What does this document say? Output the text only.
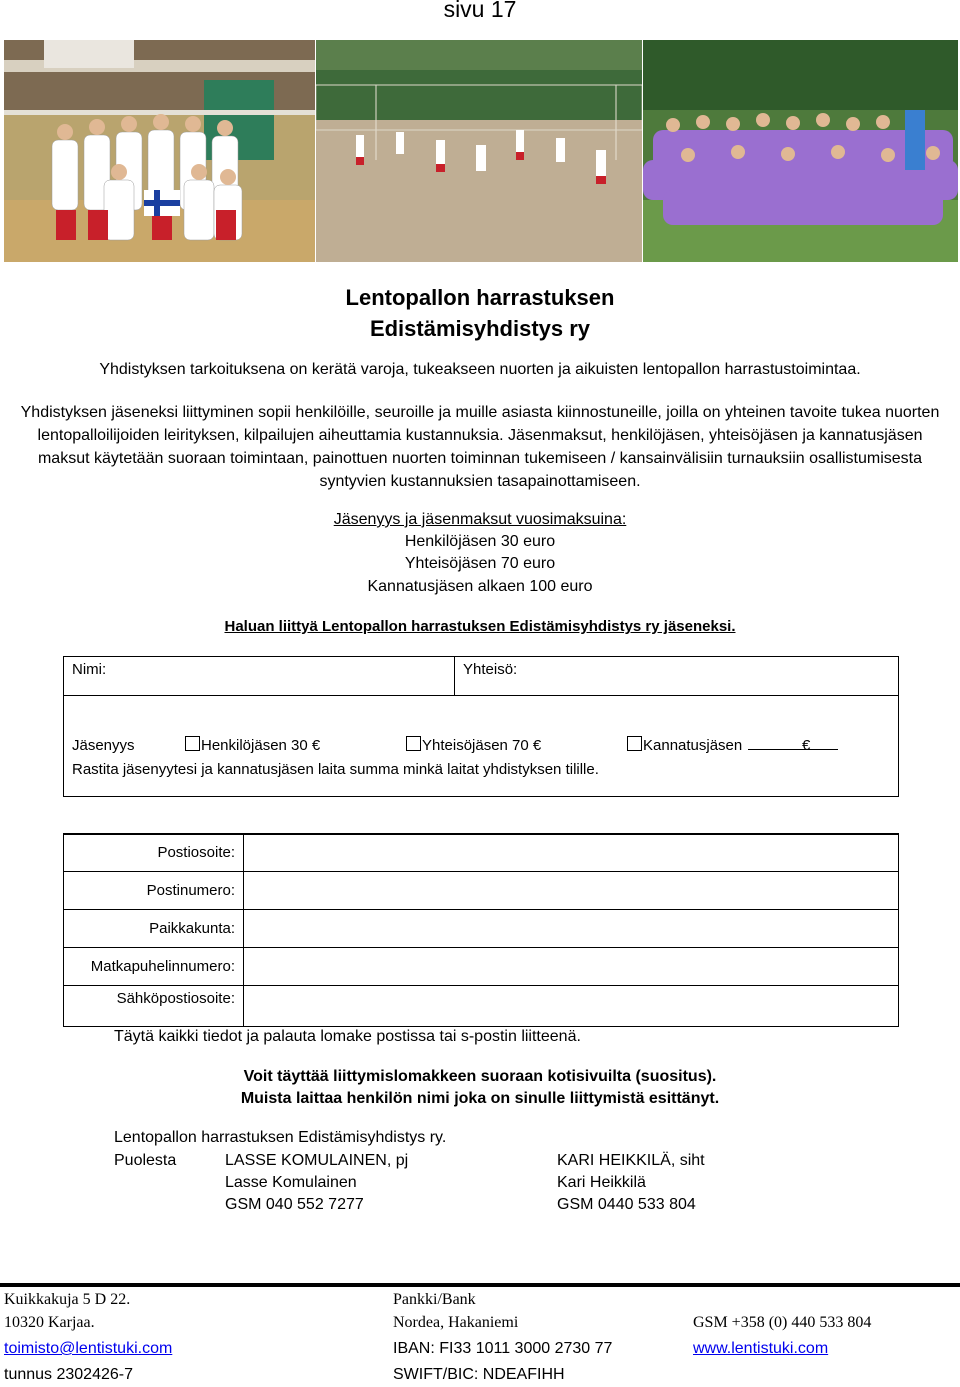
sivu 17
Lentopallon harrastuksen
Edistämisyhdistys ry
Yhdistyksen tarkoituksena on kerätä varoja, tukeakseen nuorten ja aikuisten lentopallon harrastustoimintaa.
Yhdistyksen jäseneksi liittyminen sopii henkilöille, seuroille ja muille asiasta kiinnostuneille, joilla on yhteinen tavoite tukea nuorten lentopalloilijoiden leirityksen, kilpailujen aiheuttamia kustannuksia. Jäsenmaksut, henkilöjäsen, yhteisöjäsen ja kannatusjäsen maksut käytetään suoraan toimintaan, painottuen nuorten toiminnan tukemiseen / kansainvälisiin turnauksiin osallistumisesta syntyvien kustannuksien tasapainottamiseen.
Jäsenyys ja jäsenmaksut vuosimaksuina:
Henkilöjäsen 30 euro
Yhteisöjäsen 70 euro
Kannatusjäsen alkaen 100 euro
Haluan liittyä Lentopallon harrastuksen Edistämisyhdistys ry jäseneksi.
Nimi:	Yhteisö:
Jäsenyys	Henkilöjäsen 30 €	Yhteisöjäsen 70 €	Kannatusjäsen	€
Rastita jäsenyytesi ja kannatusjäsen laita summa minkä laitat yhdistyksen tilille.
Postiosoite:
Postinumero:
Paikkakunta:
Matkapuhelinnumero:
Sähköpostiosoite:
Täytä kaikki tiedot ja palauta lomake postissa tai s-postin liitteenä.
Voit täyttää liittymislomakkeen suoraan kotisivuilta (suositus).
Muista laittaa henkilön nimi joka on sinulle liittymistä esittänyt.
Lentopallon harrastuksen Edistämisyhdistys ry.
Puolesta	LASSE KOMULAINEN, pj
Lasse Komulainen
GSM 040 552 7277
KARI HEIKKILÄ, siht
Kari Heikkilä
GSM 0440 533 804
Kuikkakuja 5 D 22.
10320 Karjaa.
toimisto@lentistuki.com
tunnus 2302426-7
Pankki/Bank
Nordea, Hakaniemi
IBAN: FI33 1011 3000 2730 77
SWIFT/BIC: NDEAFIHH
GSM +358 (0) 440 533 804
www.lentistuki.com
